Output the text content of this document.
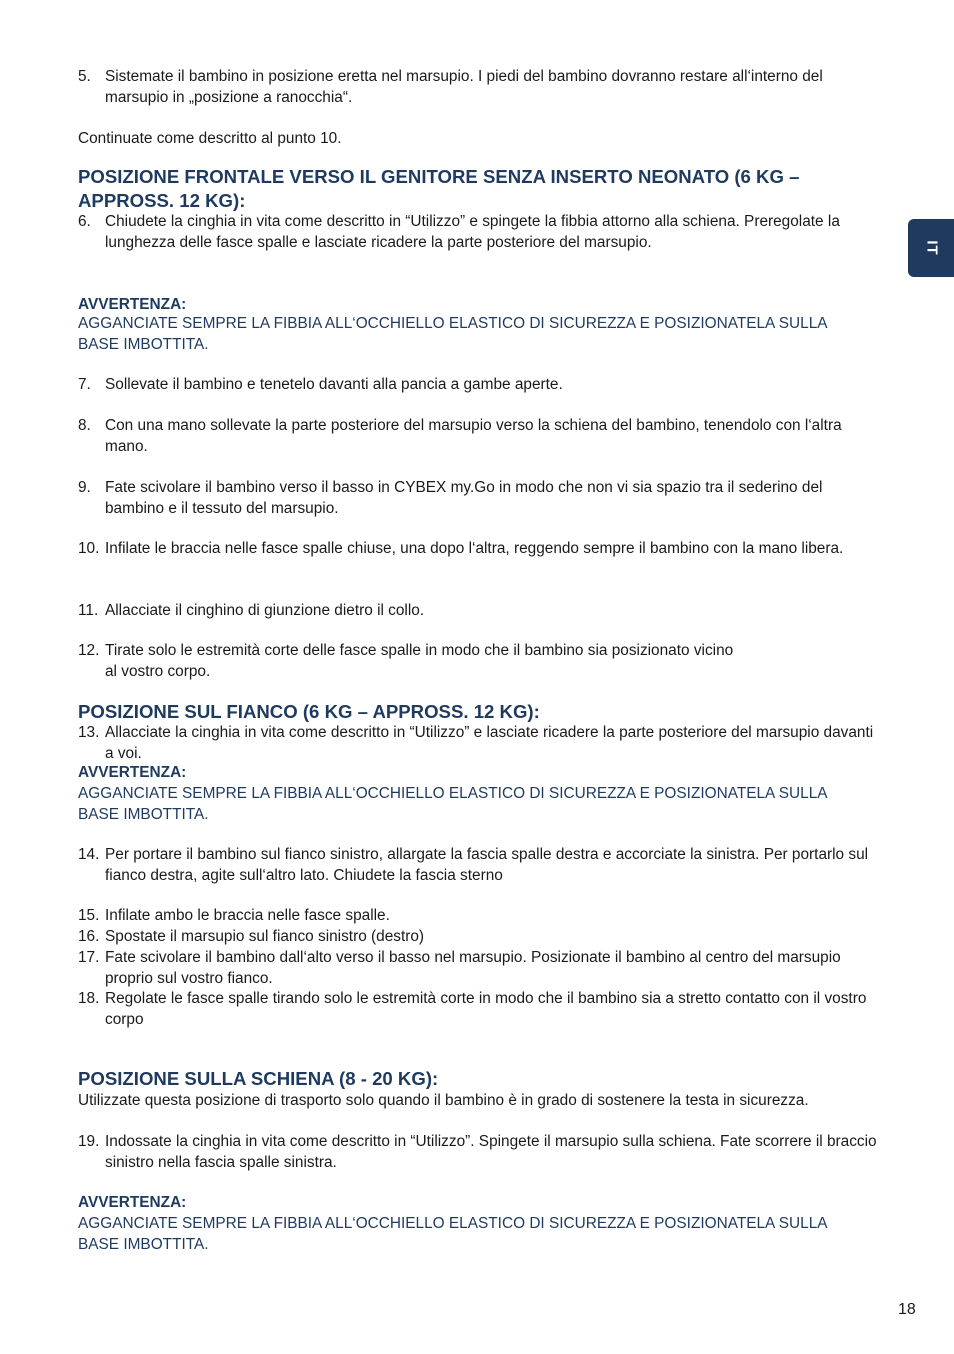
IT
5. Sistemate il bambino in posizione eretta nel marsupio. I piedi del bambino dovranno restare all‘interno del marsupio in „posizione a ranocchia“.
Continuate come descritto al punto 10.
POSIZIONE FRONTALE VERSO IL GENITORE SENZA INSERTO NEONATO (6 KG – APPROSS. 12 KG):
6. Chiudete la cinghia in vita come descritto in “Utilizzo” e spingete la fibbia attorno alla schiena. Preregolate la lunghezza delle fasce spalle e lasciate ricadere la parte posteriore del marsupio.
AVVERTENZA:
AGGANCIATE SEMPRE LA FIBBIA ALL‘OCCHIELLO ELASTICO DI SICUREZZA E POSIZIONATELA SULLA BASE IMBOTTITA.
7. Sollevate il bambino e tenetelo davanti alla pancia a gambe aperte.
8. Con una mano sollevate la parte posteriore del marsupio verso la schiena del bambino, tenendolo con l‘altra mano.
9. Fate scivolare il bambino verso il basso in CYBEX my.Go in modo che non vi sia spazio tra il sederino del bambino e il tessuto del marsupio.
10. Infilate le braccia nelle fasce spalle chiuse, una dopo l‘altra, reggendo sempre il bambino con la mano libera.
11. Allacciate il cinghino di giunzione dietro il collo.
12. Tirate solo le estremità corte delle fasce spalle in modo che il bambino sia posizionato vicino
al vostro corpo.
POSIZIONE SUL FIANCO (6 KG – APPROSS. 12 KG):
13. Allacciate la cinghia in vita come descritto in “Utilizzo” e lasciate ricadere la parte posteriore del marsupio davanti a voi.
AVVERTENZA:
AGGANCIATE SEMPRE LA FIBBIA ALL‘OCCHIELLO ELASTICO DI SICUREZZA E POSIZIONATELA SULLA BASE IMBOTTITA.
14. Per portare il bambino sul fianco sinistro, allargate la fascia spalle destra e accorciate la sinistra. Per portarlo sul fianco destra, agite sull‘altro lato. Chiudete la fascia sterno
15. Infilate ambo le braccia nelle fasce spalle.
16. Spostate il marsupio sul fianco sinistro (destro)
17. Fate scivolare il bambino dall‘alto verso il basso nel marsupio. Posizionate il bambino al centro del marsupio proprio sul vostro fianco.
18. Regolate le fasce spalle tirando solo le estremità corte in modo che il bambino sia a stretto contatto con il vostro corpo
POSIZIONE SULLA SCHIENA (8 - 20 KG):
Utilizzate questa posizione di trasporto solo quando il bambino è in grado di sostenere la testa in sicurezza.
19. Indossate la cinghia in vita come descritto in “Utilizzo”. Spingete il marsupio sulla schiena. Fate scorrere il braccio sinistro nella fascia spalle sinistra.
AVVERTENZA:
AGGANCIATE SEMPRE LA FIBBIA ALL‘OCCHIELLO ELASTICO DI SICUREZZA E POSIZIONATELA SULLA BASE IMBOTTITA.
18
